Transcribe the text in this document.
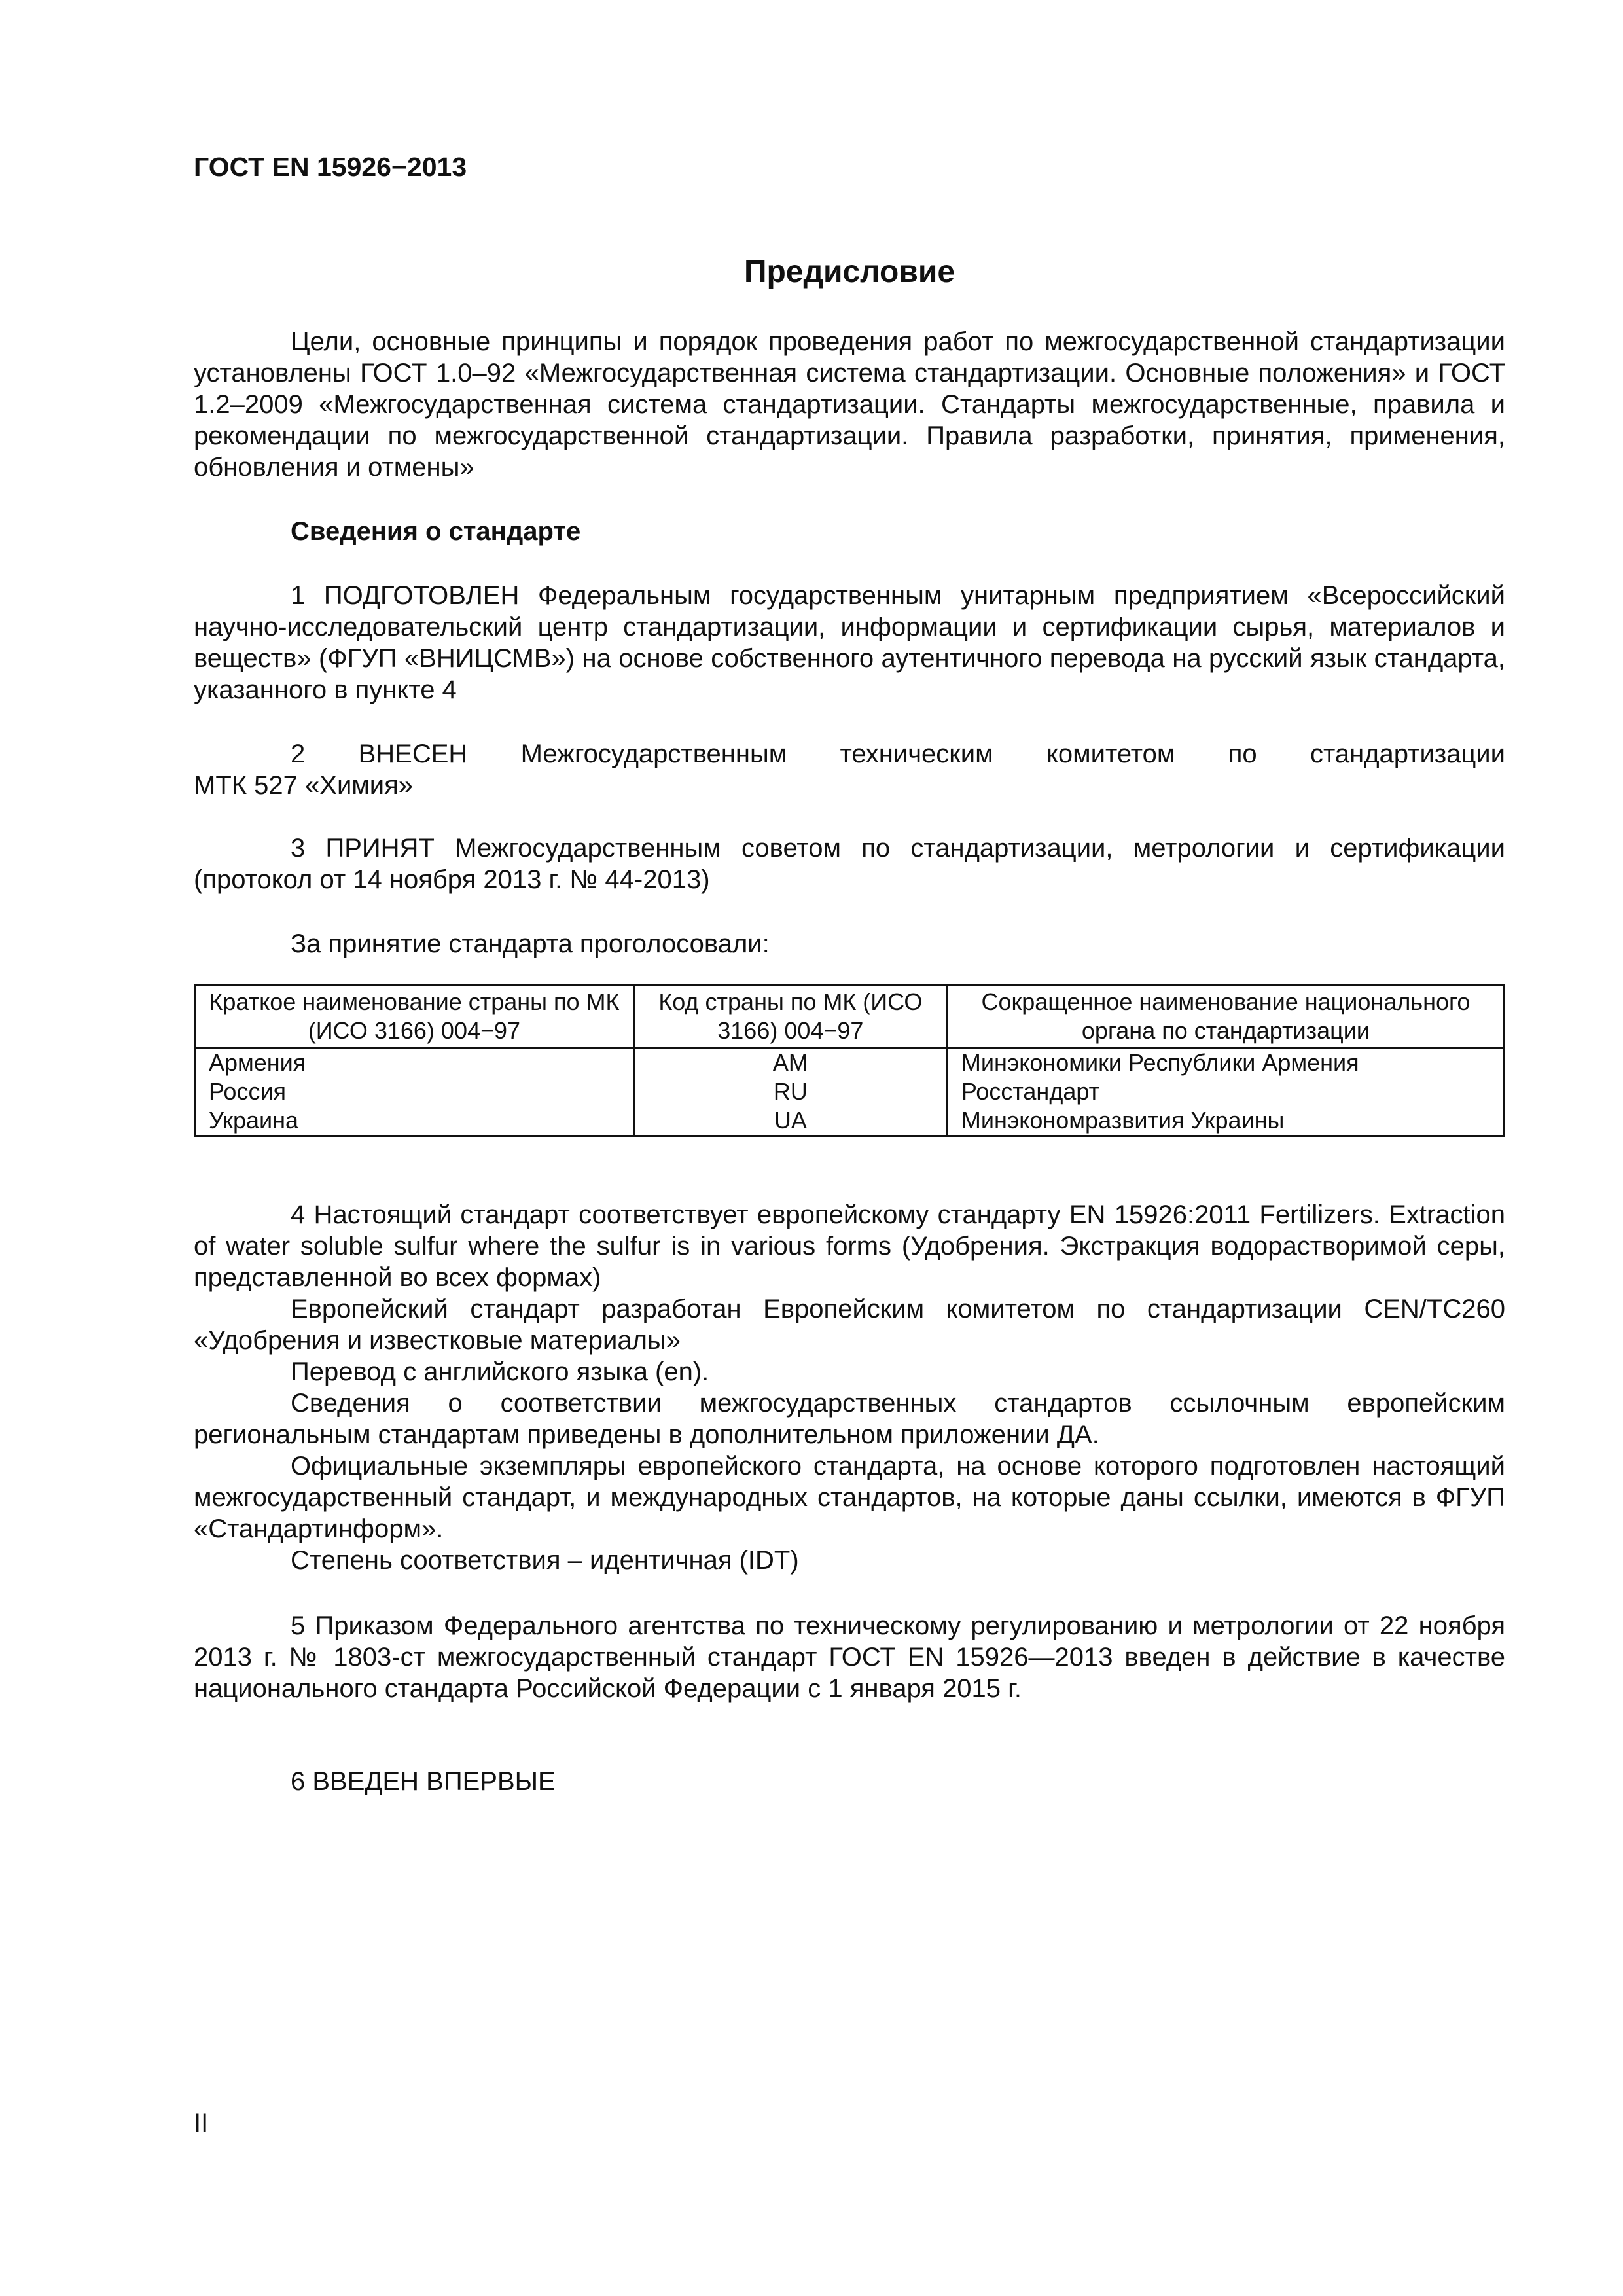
ГОСТ EN 15926−2013
Предисловие
Цели, основные принципы и порядок проведения работ по межгосударственной стандартизации установлены ГОСТ 1.0–92 «Межгосударственная система стандартизации. Основные положения» и ГОСТ 1.2–2009 «Межгосударственная система стандартизации. Стандарты межгосударственные, правила и рекомендации по межгосударственной стандартизации. Правила разработки, принятия, применения, обновления и отмены»
Сведения о стандарте
1 ПОДГОТОВЛЕН Федеральным государственным унитарным предприятием «Всероссийский научно-исследовательский центр стандартизации, информации и сертификации сырья, материалов и веществ» (ФГУП «ВНИЦСМВ») на основе собственного аутентичного перевода на русский язык стандарта, указанного в пункте 4
2 ВНЕСЕН Межгосударственным техническим комитетом по стандартизации
МТК 527 «Химия»
3 ПРИНЯТ Межгосударственным советом по стандартизации, метрологии и сертификации (протокол от 14 ноября 2013 г. № 44-2013)
За принятие стандарта проголосовали:
Краткое наименование страны по МК (ИСО 3166) 004−97	Код страны по МК (ИСО 3166) 004−97	Сокращенное наименование национального органа по стандартизации
Армения	AM	Минэкономики Республики Армения
Россия	RU	Росстандарт
Украина	UA	Минэкономразвития Украины
4 Настоящий стандарт соответствует европейскому стандарту EN 15926:2011 Fertilizers. Extraction of water soluble sulfur where the sulfur is in various forms (Удобрения. Экстракция водорастворимой серы, представленной во всех формах)
Европейский стандарт разработан Европейским комитетом по стандартизации CEN/TC260 «Удобрения и известковые материалы»
Перевод с английского языка (en).
Сведения о соответствии межгосударственных стандартов ссылочным европейским региональным стандартам приведены в дополнительном приложении ДА.
Официальные экземпляры европейского стандарта, на основе которого подготовлен настоящий межгосударственный стандарт, и международных стандартов, на которые даны ссылки, имеются в ФГУП «Стандартинформ».
Степень соответствия – идентичная (IDT)
5 Приказом Федерального агентства по техническому регулированию и метрологии от 22 ноября 2013 г. № 1803-ст межгосударственный стандарт ГОСТ EN 15926—2013 введен в действие в качестве национального стандарта Российской Федерации с 1 января 2015 г.
6 ВВЕДЕН ВПЕРВЫЕ
II
